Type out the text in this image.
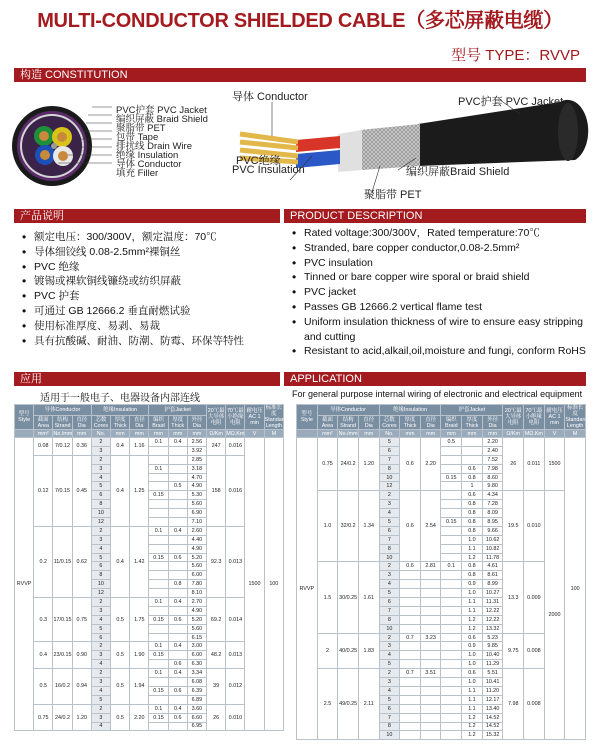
MULTI-CONDUCTOR SHIELDED CABLE（多芯屏蔽电缆）
型号 TYPE：RVVP
构造 CONSTITUTION
PVC护套 PVC Jacket
编织屏蔽 Braid Shield
聚脂带 PET
包带 Tape
排扰线 Drain Wire
绝缘 Insulation
导体 Conductor
填充 Filler
导体 Conductor
PVC绝缘
PVC Insulation
PVC护套 PVC Jacket
编织屏蔽Braid Shield
聚脂带 PET
产品说明	PRODUCT DESCRIPTION
• 额定电压：300/300V，额定温度：70℃
• 导体细铰线 0.08-2.5mm²裸铜丝
• PVC 绝缘
• 镀锡或裸软铜线镰绕或纺织屏蔽
• PVC 护套
• 可通过 GB 12666.2 垂直耐燃试验
• 使用标准厚度、易剥、易裁
• 具有抗酸碱、耐油、防潮、防霉、环保等特性
• Rated voltage:300/300V，Rated temperature:70℃
• Stranded, bare copper conductor,0.08-2.5mm²
• PVC insulation
• Tinned or bare copper wire sporal or braid shield
• PVC jacket
• Passes GB 12666.2 vertical flame test
• Uniform insulation thickness of wire to ensure easy stripping and cutting
• Resistant to acid,alkail,oil,moisture and fungi, conform RoHS
应用	APPLICATION
适用于一般电子、电器设备内部连线	For general purpose internal wiring of electronic and electrical equipment
型号 Style	导体Conductor			绝缘Insulation			护套Jacket			20℃最大导体电阻	70℃最小绝缘电阻	耐电压 AC 1 min	标准长度 Standard Length
	截面 Area	结构 Strand	直径 Dia	芯数 Cores	厚度 Thick	直径 Dia	编织 Braid	厚度 Thick	外径 Dia				
	mm²	No./mm	mm	No.	mm	mm	mm	mm	mm	Ω/Km	MΩ.Km	V	M
RVVP	0.08	7/0.12	0.36	2	0.4	1.16	0.1	0.4	2.56	247	0.016	1500	100
				3					3.92				
	0.12	7/0.15	0.45	2	0.4	1.25			2.85	158	0.016		
				3			0.1		3.18				
				4					4.70				
				5				0.5	4.90				
				6			0.15		5.30				
				8					5.60				
				10					6.90				
				12					7.10				
	0.2	11/0.15	0.62	2	0.4	1.42	0.1	0.4	2.60	92.3	0.013		
				3					4.40				
				4					4.90				
				5			0.15	0.6	5.20				
				6					5.60				
				8					6.00				
				10				0.8	7.80				
				12					8.10				
	0.3	17/0.15	0.75	2	0.5	1.75	0.1	0.4	2.70	69.2	0.014		
				3					4.90				
				4			0.15	0.6	5.20				
				5					5.60				
				6					6.15				
	0.4	23/0.15	0.90	2	0.5	1.90	0.1	0.4	3.00	48.2	0.013		
				3			0.15		6.00				
				4				0.6	6.30				
	0.5	16/0.2	0.94	2	0.5	1.94	0.1	0.4	3.34	39	0.012		
				3					6.08				
				4			0.15	0.6	6.39				
				5					6.89				
	0.75	24/0.2	1.20	2	0.5	2.20	0.1	0.4	3.60	26	0.010		
				3			0.15	0.6	6.60				
				4					6.95				
型号 Style	导体Conductor			绝缘Insulation			护套Jacket			20℃最大导体电阻	70℃最小绝缘电阻	耐电压 AC 1 min	标准长度 Standard Length
	截面 Area	结构 Strand	直径 Dia	芯数 Cores	厚度 Thick	直径 Dia	编织 Braid	厚度 Thick	外径 Dia				
	mm²	No./mm	mm	No.	mm	mm	mm	mm	mm	Ω/Km	MΩ.Km	V	M
RVVP	0.75	24/0.2	1.20	5	0.6	2.20	0.5		2.20	26	0.011	1500	100
				6					2.40				
				7					7.52				
				8				0.6	7.98				
				10			0.15	0.8	8.60				
				12				1	9.80				
	1.0	32/0.2	1.34	2	0.6	2.54		0.6	4.34	19.5	0.010	2000	
				3				0.8	7.28				
				4				0.8	8.09				
				5			0.15	0.8	8.95				
				6				0.8	9.66				
				7				1.0	10.62				
				8				1.1	10.82				
				10				1.2	11.78				
	1.5	30/0.25	1.61	2	0.6	2.81	0.1	0.8	4.61	13.3	0.009		
				3				0.8	8.61				
				4				0.9	8.99				
				5				1.0	10.27				
				6				1.1	11.31				
				7				1.1	12.22				
				8				1.2	12.22				
				10				1.2	13.32				
	2	40/0.25	1.83	2	0.7	3.23		0.6	5.23	9.75	0.008		
				3				0.9	9.85				
				4				1.0	10.40				
				5				1.0	11.29				
	2.5	49/0.25	2.11	2	0.7	3.51		0.6	5.51	7.98	0.008		
				3				1.0	10.41				
				4				1.1	11.20				
				5				1.1	12.17				
				6				1.1	13.40				
				7				1.2	14.52				
				8				1.2	14.52				
				10				1.2	15.32				
